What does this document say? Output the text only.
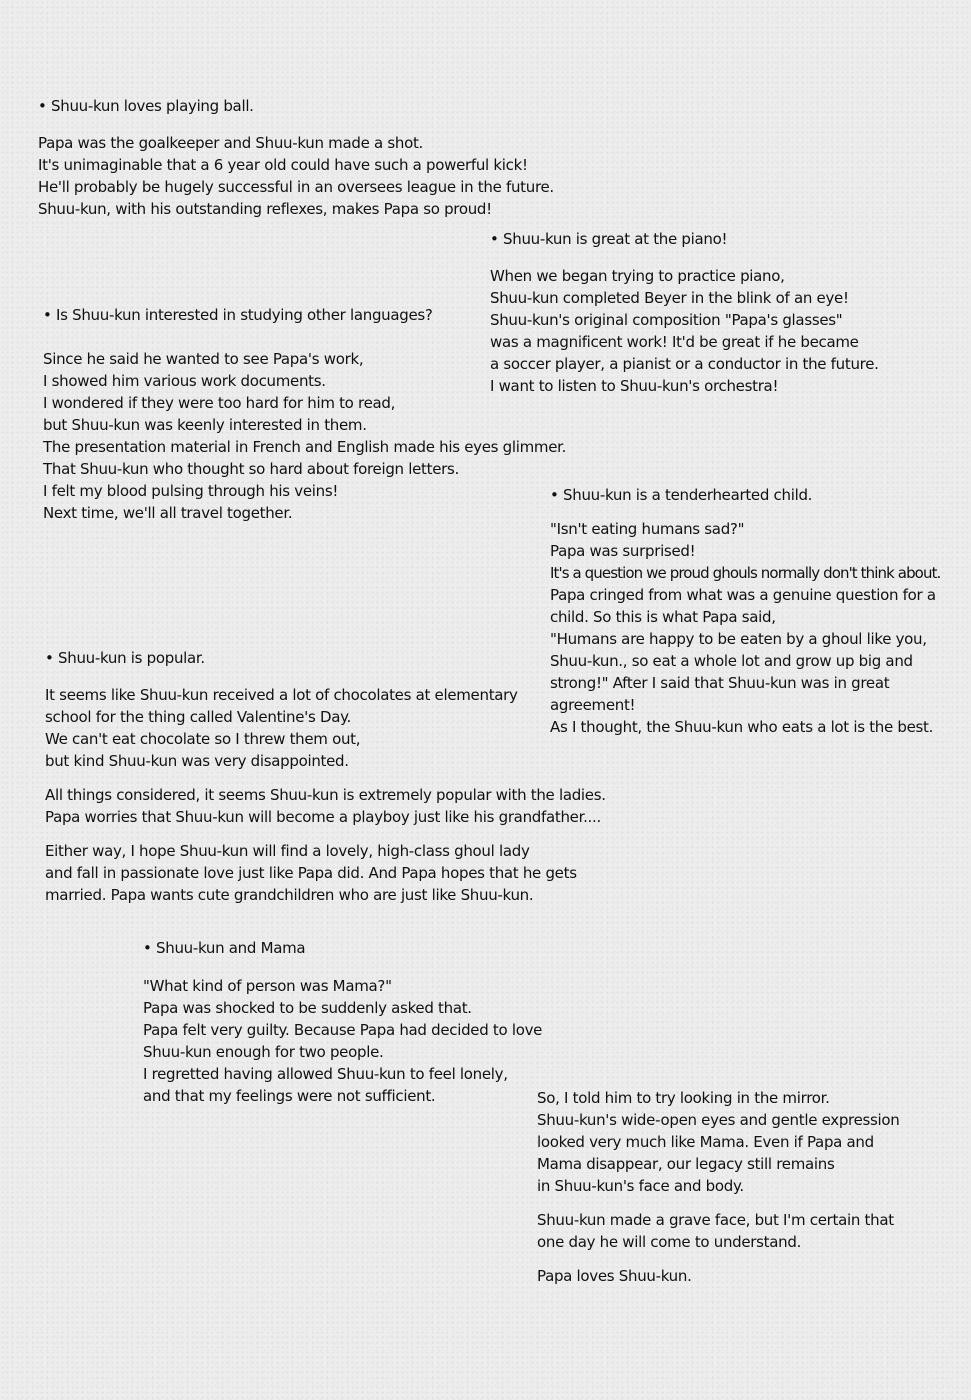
• Shuu-kun loves playing ball.
Papa was the goalkeeper and Shuu-kun made a shot.
It's unimaginable that a 6 year old could have such a powerful kick!
He'll probably be hugely successful in an oversees league in the future.
Shuu-kun, with his outstanding reflexes, makes Papa so proud!
• Shuu-kun is great at the piano!
When we began trying to practice piano,
Shuu-kun completed Beyer in the blink of an eye!
Shuu-kun's original composition "Papa's glasses"
was a magnificent work! It'd be great if he became
a soccer player, a pianist or a conductor in the future.
I want to listen to Shuu-kun's orchestra!
• Is Shuu-kun interested in studying other languages?
Since he said he wanted to see Papa's work,
I showed him various work documents.
I wondered if they were too hard for him to read,
but Shuu-kun was keenly interested in them.
The presentation material in French and English made his eyes glimmer.
That Shuu-kun who thought so hard about foreign letters.
I felt my blood pulsing through his veins!
Next time, we'll all travel together.
• Shuu-kun is a tenderhearted child.
"Isn't eating humans sad?"
Papa was surprised!
It's a question we proud ghouls normally don't think about.
Papa cringed from what was a genuine question for a
child. So this is what Papa said,
"Humans are happy to be eaten by a ghoul like you,
Shuu-kun., so eat a whole lot and grow up big and
strong!" After I said that Shuu-kun was in great
agreement!
As I thought, the Shuu-kun who eats a lot is the best.
• Shuu-kun is popular.
It seems like Shuu-kun received a lot of chocolates at elementary
school for the thing called Valentine's Day.
We can't eat chocolate so I threw them out,
but kind Shuu-kun was very disappointed.
All things considered, it seems Shuu-kun is extremely popular with the ladies.
Papa worries that Shuu-kun will become a playboy just like his grandfather....
Either way, I hope Shuu-kun will find a lovely, high-class ghoul lady
and fall in passionate love just like Papa did. And Papa hopes that he gets
married. Papa wants cute grandchildren who are just like Shuu-kun.
• Shuu-kun and Mama
"What kind of person was Mama?"
Papa was shocked to be suddenly asked that.
Papa felt very guilty. Because Papa had decided to love
Shuu-kun enough for two people.
I regretted having allowed Shuu-kun to feel lonely,
and that my feelings were not sufficient.	So, I told him to try looking in the mirror.
Shuu-kun's wide-open eyes and gentle expression
looked very much like Mama. Even if Papa and
Mama disappear, our legacy still remains
in Shuu-kun's face and body.
Shuu-kun made a grave face, but I'm certain that
one day he will come to understand.
Papa loves Shuu-kun.
